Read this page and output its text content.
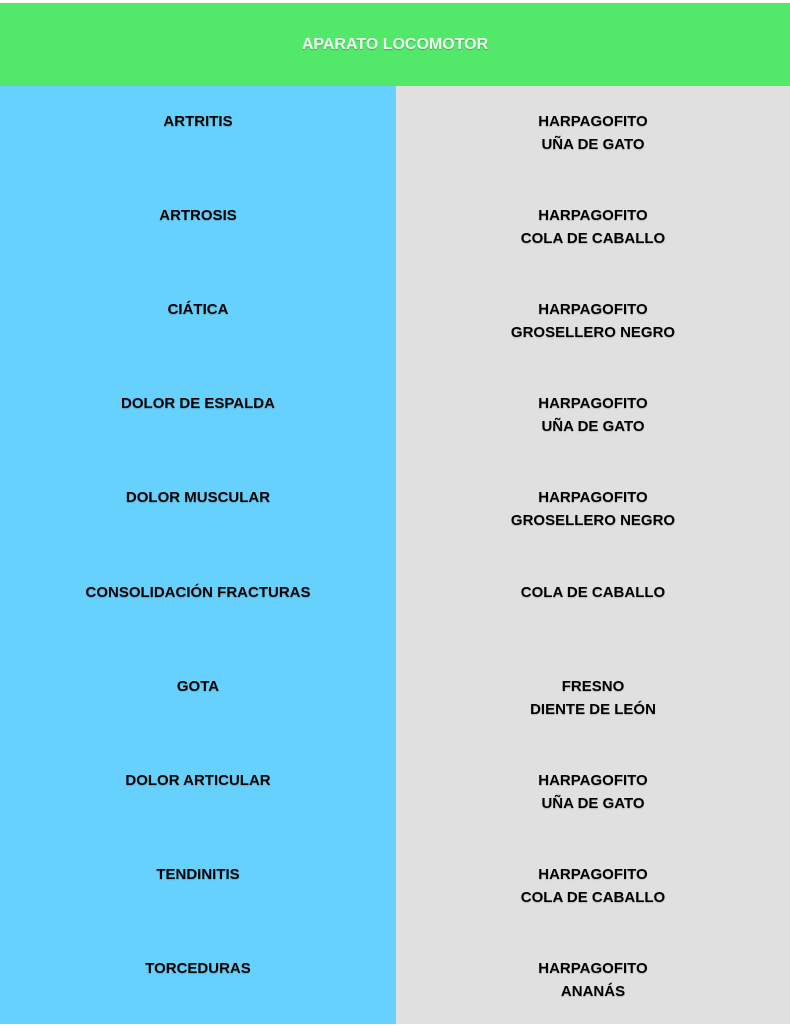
APARATO LOCOMOTOR
ARTRITIS	HARPAGOFITO
UÑA DE GATO
ARTROSIS	HARPAGOFITO
COLA DE CABALLO
CIÁTICA	HARPAGOFITO
GROSELLERO NEGRO
DOLOR DE ESPALDA	HARPAGOFITO
UÑA DE GATO
DOLOR MUSCULAR	HARPAGOFITO
GROSELLERO NEGRO
CONSOLIDACIÓN FRACTURAS	COLA DE CABALLO
GOTA	FRESNO
DIENTE DE LEÓN
DOLOR ARTICULAR	HARPAGOFITO
UÑA DE GATO
TENDINITIS	HARPAGOFITO
COLA DE CABALLO
TORCEDURAS	HARPAGOFITO
ANANÁS
